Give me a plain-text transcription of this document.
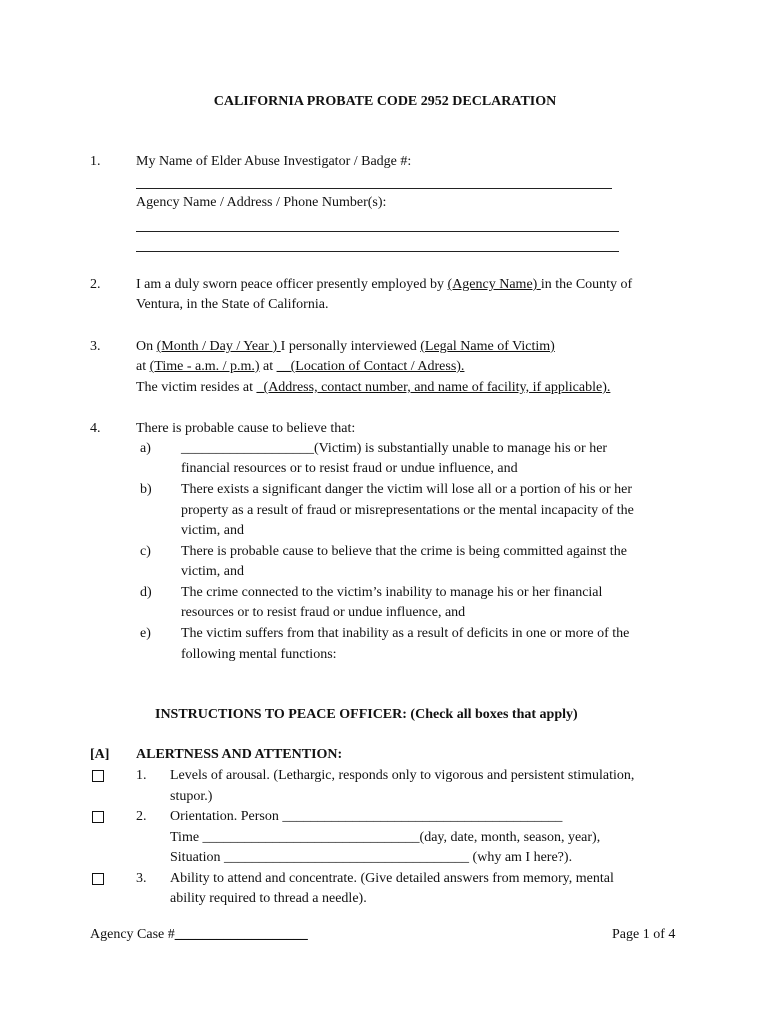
CALIFORNIA PROBATE CODE 2952 DECLARATION
1.	My Name of Elder Abuse Investigator / Badge #:
Agency Name / Address / Phone Number(s):
2.	I am a duly sworn peace officer presently employed by (Agency Name) in the County of
Ventura, in the State of California.
3.	On (Month / Day / Year ) I personally interviewed (Legal Name of Victim)
at (Time - a.m. / p.m.) at __(Location of Contact / Adress).
The victim resides at _(Address, contact number, and name of facility, if applicable).
4.	There is probable cause to believe that:
a) ___________________(Victim) is substantially unable to manage his or her
financial resources or to resist fraud or undue influence, and
b) There exists a significant danger the victim will lose all or a portion of his or her
property as a result of fraud or misrepresentations or the mental incapacity of the
victim, and
c) There is probable cause to believe that the crime is being committed against the
victim, and
d) The crime connected to the victim’s inability to manage his or her financial
resources or to resist fraud or undue influence, and
e) The victim suffers from that inability as a result of deficits in one or more of the
following mental functions:
INSTRUCTIONS TO PEACE OFFICER: (Check all boxes that apply)
[A] ALERTNESS AND ATTENTION:
1. Levels of arousal. (Lethargic, responds only to vigorous and persistent stimulation,
stupor.)
2. Orientation. Person ________________________________________
Time _______________________________(day, date, month, season, year),
Situation ___________________________________ (why am I here?).
3. Ability to attend and concentrate. (Give detailed answers from memory, mental
ability required to thread a needle).
Agency Case #___________________	Page 1 of 4
